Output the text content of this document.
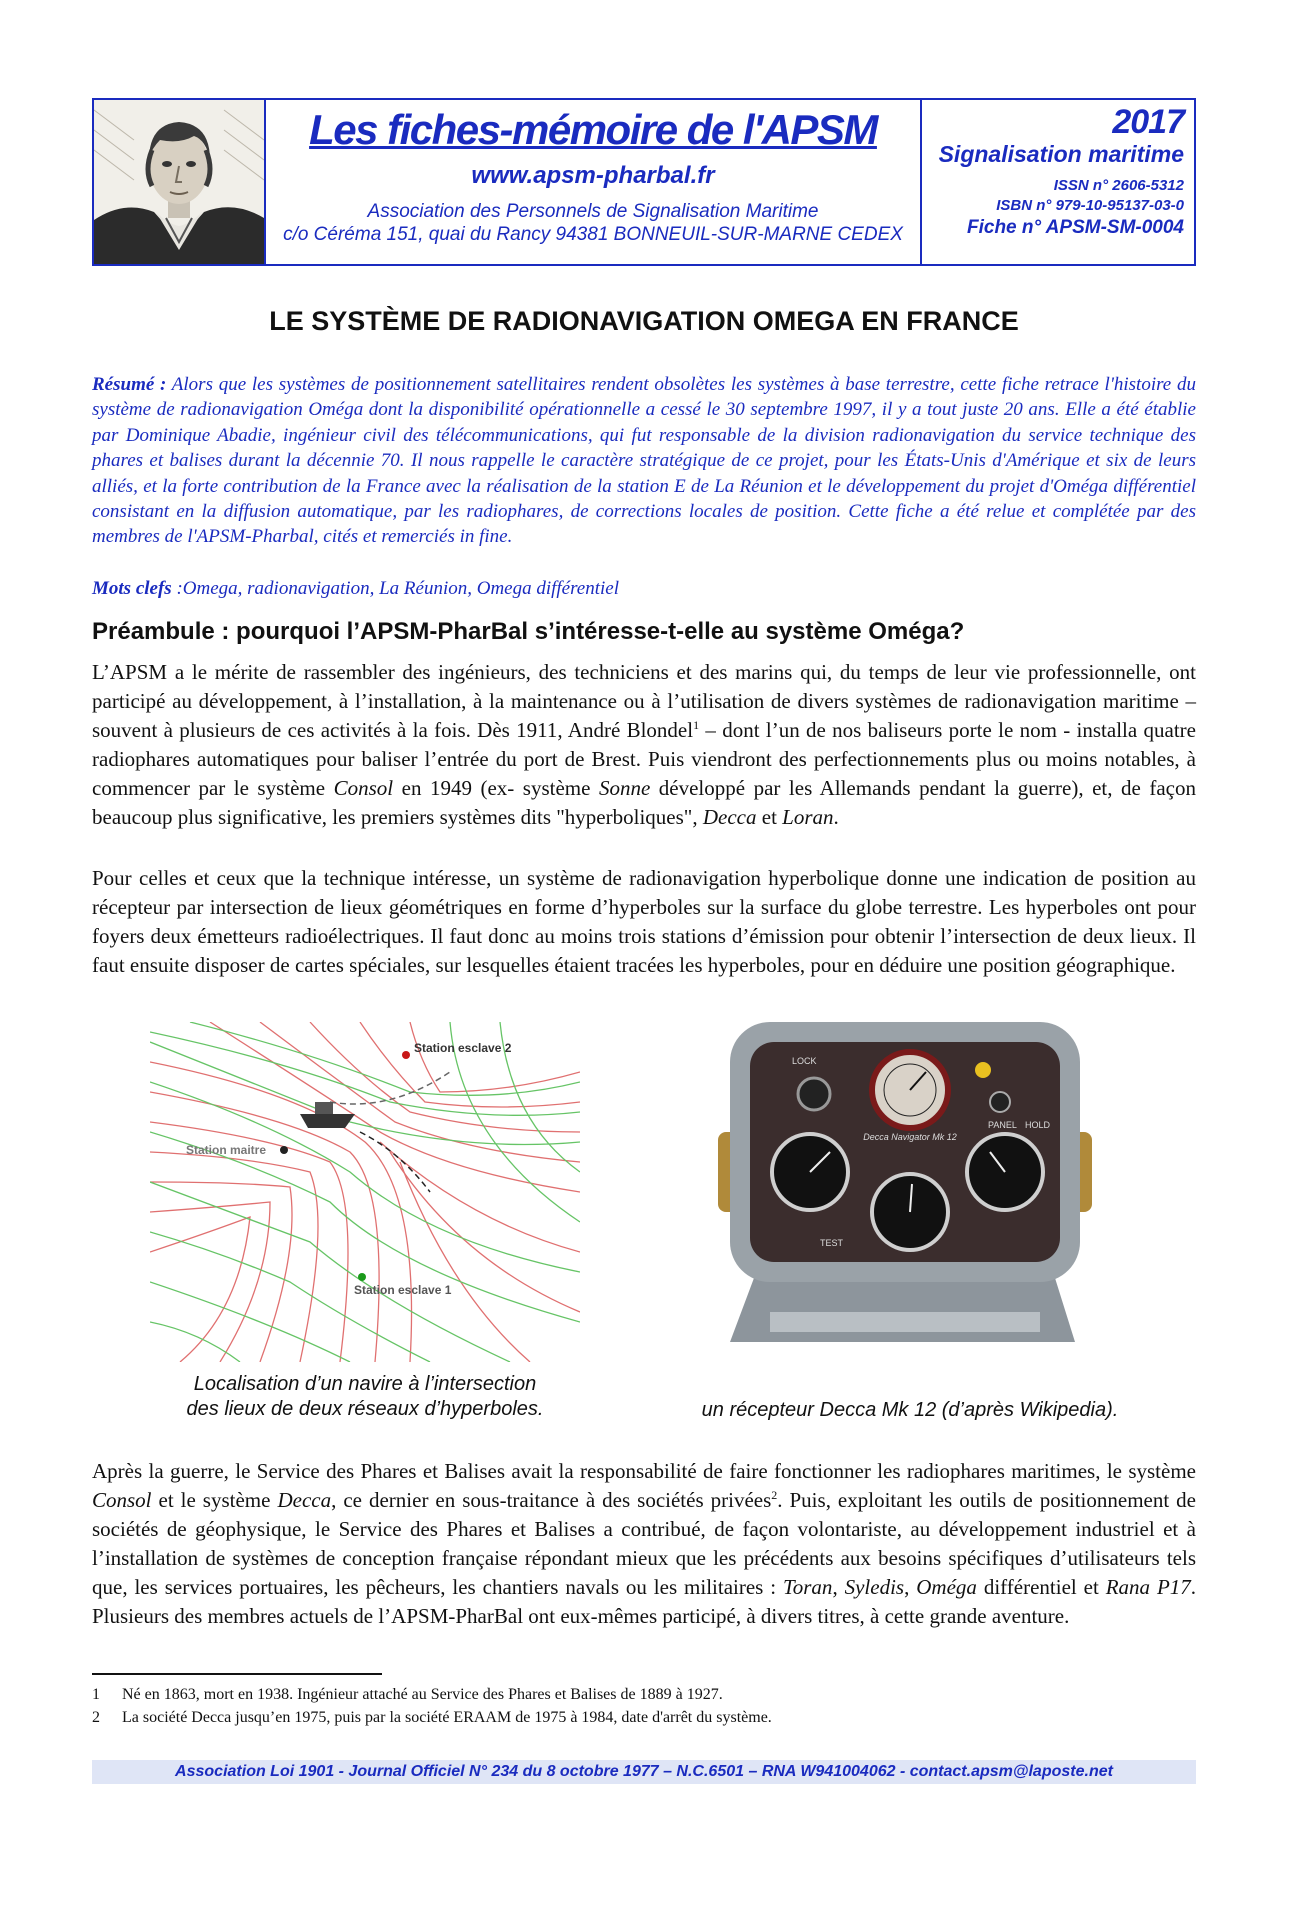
Les fiches-mémoire de l'APSM
www.apsm-pharbal.fr
Association des Personnels de Signalisation Maritime
c/o Céréma 151, quai du Rancy 94381 BONNEUIL-SUR-MARNE CEDEX
2017
Signalisation maritime
ISSN n° 2606-5312
ISBN n° 979-10-95137-03-0
Fiche n° APSM-SM-0004
LE SYSTÈME DE RADIONAVIGATION OMEGA EN FRANCE
Résumé : Alors que les systèmes de positionnement satellitaires rendent obsolètes les systèmes à base terrestre, cette fiche retrace l'histoire du système de radionavigation Oméga dont la disponibilité opérationnelle a cessé le 30 septembre 1997, il y a tout juste 20 ans. Elle a été établie par Dominique Abadie, ingénieur civil des télécommunications, qui fut responsable de la division radionavigation du service technique des phares et balises durant la décennie 70. Il nous rappelle le caractère stratégique de ce projet, pour les États-Unis d'Amérique et six de leurs alliés, et la forte contribution de la France avec la réalisation de la station E de La Réunion et le développement du projet d'Oméga différentiel consistant en la diffusion automatique, par les radiophares, de corrections locales de position. Cette fiche a été relue et complétée par des membres de l'APSM-Pharbal, cités et remerciés in fine.
Mots clefs :Omega, radionavigation, La Réunion, Omega différentiel
Préambule : pourquoi l’APSM-PharBal s’intéresse-t-elle au système Oméga?
L’APSM a le mérite de rassembler des ingénieurs, des techniciens et des marins qui, du temps de leur vie professionnelle, ont participé au développement, à l’installation, à la maintenance ou à l’utilisation de divers systèmes de radionavigation maritime – souvent à plusieurs de ces activités à la fois. Dès 1911, André Blondel$^1$ – dont l’un de nos baliseurs porte le nom - installa quatre radiophares automatiques pour baliser l’entrée du port de Brest. Puis viendront des perfectionnements plus ou moins notables, à commencer par le système Consol en 1949 (ex- système Sonne développé par les Allemands pendant la guerre), et, de façon beaucoup plus significative, les premiers systèmes dits "hyperboliques", Decca et Loran.
Pour celles et ceux que la technique intéresse, un système de radionavigation hyperbolique donne une indication de position au récepteur par intersection de lieux géométriques en forme d’hyperboles sur la surface du globe terrestre. Les hyperboles ont pour foyers deux émetteurs radioélectriques. Il faut donc au moins trois stations d’émission pour obtenir l’intersection de deux lieux. Il faut ensuite disposer de cartes spéciales, sur lesquelles étaient tracées les hyperboles, pour en déduire une position géographique.
Station esclave 2
Station maitre
Station esclave 1
LOCK
PANEL HOLD
TEST
Decca Navigator Mk 12
Localisation d’un navire à l’intersection
des lieux de deux réseaux d’hyperboles.	un récepteur Decca Mk 12 (d’après Wikipedia).
Après la guerre, le Service des Phares et Balises avait la responsabilité de faire fonctionner les radiophares maritimes, le système Consol et le système Decca, ce dernier en sous-traitance à des sociétés privées$^2$. Puis, exploitant les outils de positionnement de sociétés de géophysique, le Service des Phares et Balises a contribué, de façon volontariste, au développement industriel et à l’installation de systèmes de conception française répondant mieux que les précédents aux besoins spécifiques d’utilisateurs tels que, les services portuaires, les pêcheurs, les chantiers navals ou les militaires : Toran, Syledis, Oméga différentiel et Rana P17. Plusieurs des membres actuels de l’APSM-PharBal ont eux-mêmes participé, à divers titres, à cette grande aventure.
1 Né en 1863, mort en 1938. Ingénieur attaché au Service des Phares et Balises de 1889 à 1927.
2 La société Decca jusqu’en 1975, puis par la société ERAAM de 1975 à 1984, date d'arrêt du système.
Association Loi 1901 - Journal Officiel N° 234 du 8 octobre 1977 – N.C.6501 – RNA W941004062 - contact.apsm@laposte.net
